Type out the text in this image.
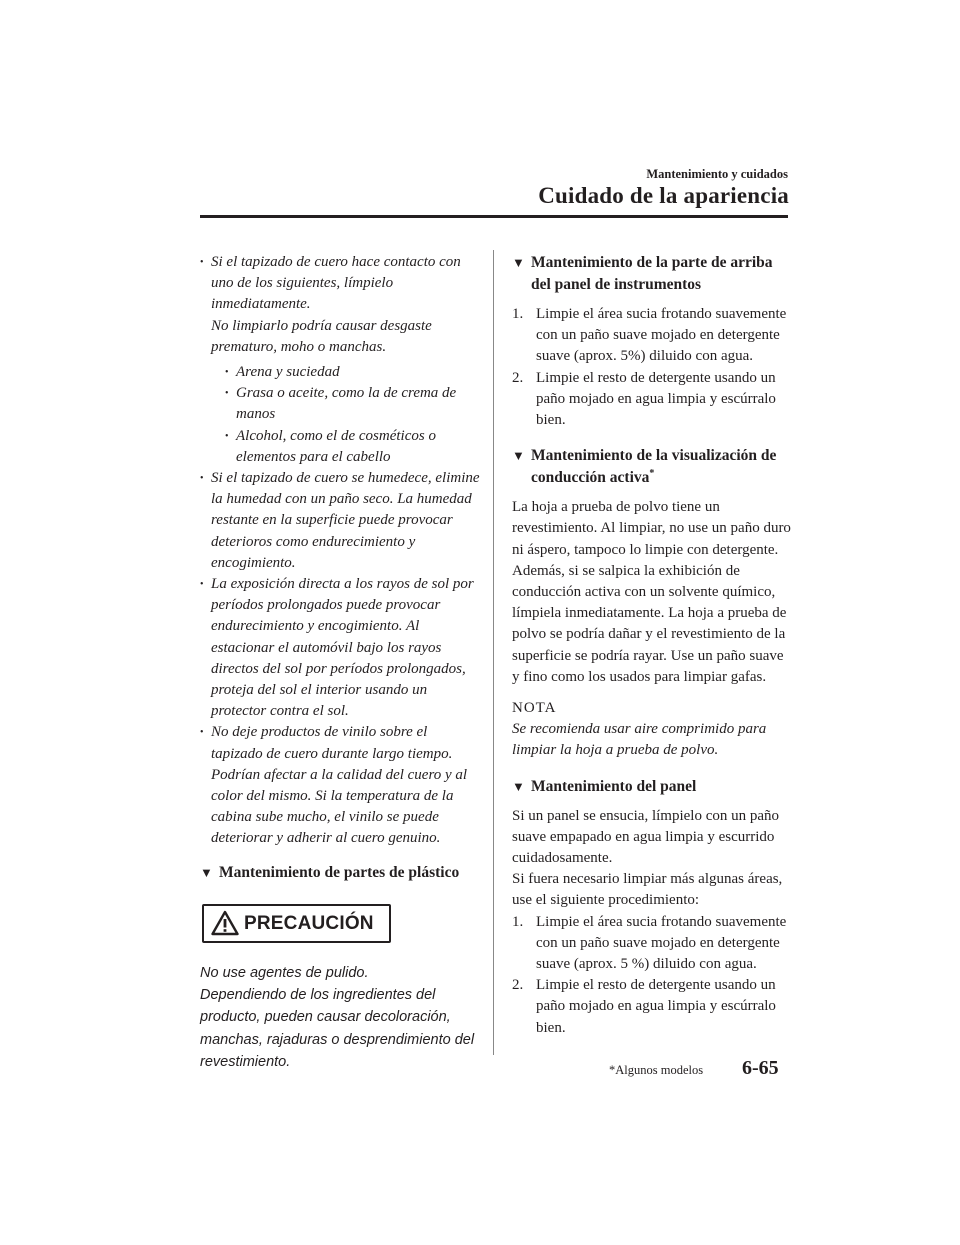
Mantenimiento y cuidados
Cuidado de la apariencia
• Si el tapizado de cuero hace contacto con uno de los siguientes, límpielo inmediatamente.
No limpiarlo podría causar desgaste prematuro, moho o manchas.
• Arena y suciedad
• Grasa o aceite, como la de crema de manos
• Alcohol, como el de cosméticos o elementos para el cabello
• Si el tapizado de cuero se humedece, elimine la humedad con un paño seco. La humedad restante en la superficie puede provocar deterioros como endurecimiento y encogimiento.
• La exposición directa a los rayos de sol por períodos prolongados puede provocar endurecimiento y encogimiento. Al estacionar el automóvil bajo los rayos directos del sol por períodos prolongados, proteja del sol el interior usando un protector contra el sol.
• No deje productos de vinilo sobre el tapizado de cuero durante largo tiempo. Podrían afectar a la calidad del cuero y al color del mismo. Si la temperatura de la cabina sube mucho, el vinilo se puede deteriorar y adherir al cuero genuino.
▼ Mantenimiento de partes de plástico
PRECAUCIÓN
No use agentes de pulido.
Dependiendo de los ingredientes del producto, pueden causar decoloración, manchas, rajaduras o desprendimiento del revestimiento.
▼ Mantenimiento de la parte de arriba del panel de instrumentos
1. Limpie el área sucia frotando suavemente con un paño suave mojado en detergente suave (aprox. 5%) diluido con agua.
2. Limpie el resto de detergente usando un paño mojado en agua limpia y escúrralo bien.
▼ Mantenimiento de la visualización de conducción activa*
La hoja a prueba de polvo tiene un revestimiento. Al limpiar, no use un paño duro ni áspero, tampoco lo limpie con detergente. Además, si se salpica la exhibición de conducción activa con un solvente químico, límpiela inmediatamente. La hoja a prueba de polvo se podría dañar y el revestimiento de la superficie se podría rayar. Use un paño suave y fino como los usados para limpiar gafas.
NOTA
Se recomienda usar aire comprimido para limpiar la hoja a prueba de polvo.
▼ Mantenimiento del panel
Si un panel se ensucia, límpielo con un paño suave empapado en agua limpia y escurrido cuidadosamente.
Si fuera necesario limpiar más algunas áreas, use el siguiente procedimiento:
1. Limpie el área sucia frotando suavemente con un paño suave mojado en detergente suave (aprox. 5 %) diluido con agua.
2. Limpie el resto de detergente usando un paño mojado en agua limpia y escúrralo bien.
*Algunos modelos 6-65
